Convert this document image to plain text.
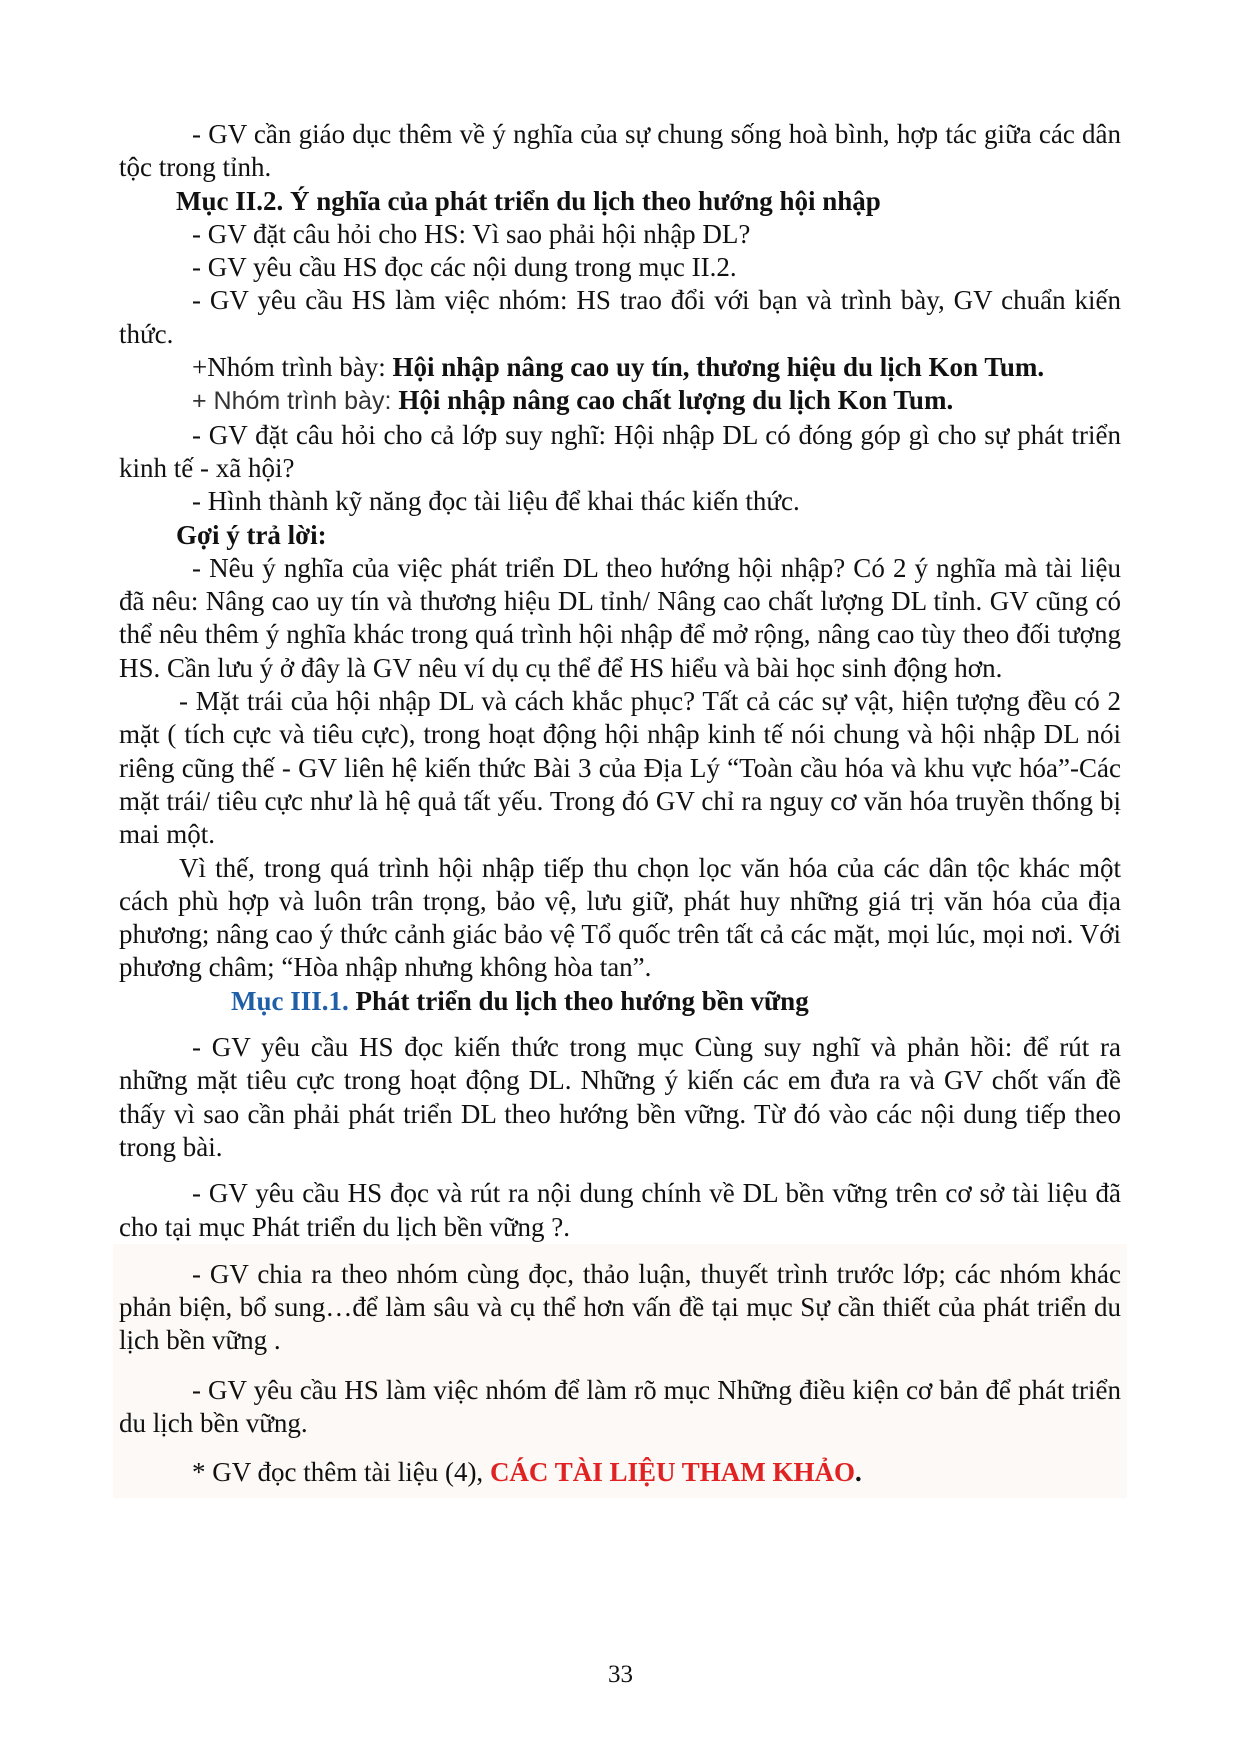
- GV cần giáo dục thêm về ý nghĩa của sự chung sống hoà bình, hợp tác giữa các dân tộc trong tỉnh.

Mục II.2. Ý nghĩa của phát triển du lịch theo hướng hội nhập

- GV đặt câu hỏi cho HS: Vì sao phải hội nhập DL?

- GV yêu cầu HS đọc các nội dung trong mục II.2.

- GV yêu cầu HS làm việc nhóm: HS trao đổi với bạn và trình bày, GV chuẩn kiến thức.

+Nhóm trình bày: Hội nhập nâng cao uy tín, thương hiệu du lịch Kon Tum.

+ Nhóm trình bày: Hội nhập nâng cao chất lượng du lịch Kon Tum.

- GV đặt câu hỏi cho cả lớp suy nghĩ: Hội nhập DL có đóng góp gì cho sự phát triển kinh tế - xã hội?

- Hình thành kỹ năng đọc tài liệu để khai thác kiến thức.

Gợi ý trả lời:

- Nêu ý nghĩa của việc phát triển DL theo hướng hội nhập? Có 2 ý nghĩa mà tài liệu đã nêu: Nâng cao uy tín và thương hiệu DL tỉnh/ Nâng cao chất lượng DL tỉnh. GV cũng có thể nêu thêm ý nghĩa khác trong quá trình hội nhập để mở rộng, nâng cao tùy theo đối tượng HS. Cần lưu ý ở đây là GV nêu ví dụ cụ thể để HS hiểu và bài học sinh động hơn.

- Mặt trái của hội nhập DL và cách khắc phục? Tất cả các sự vật, hiện tượng đều có 2 mặt ( tích cực và tiêu cực), trong hoạt động hội nhập kinh tế nói chung và hội nhập DL nói riêng cũng thế - GV liên hệ kiến thức Bài 3 của Địa Lý “Toàn cầu hóa và khu vực hóa”-Các mặt trái/ tiêu cực như là hệ quả tất yếu. Trong đó GV chỉ ra nguy cơ văn hóa truyền thống bị mai một.

Vì thế, trong quá trình hội nhập tiếp thu chọn lọc văn hóa của các dân tộc khác một cách phù hợp và luôn trân trọng, bảo vệ, lưu giữ, phát huy những giá trị văn hóa của địa phương; nâng cao ý thức cảnh giác bảo vệ Tổ quốc trên tất cả các mặt, mọi lúc, mọi nơi. Với phương châm; “Hòa nhập nhưng không hòa tan”.

Mục III.1. Phát triển du lịch theo hướng bền vững

- GV yêu cầu HS đọc kiến thức trong mục Cùng suy nghĩ và phản hồi: để rút ra những mặt tiêu cực trong hoạt động DL. Những ý kiến các em đưa ra và GV chốt vấn đề thấy vì sao cần phải phát triển DL theo hướng bền vững. Từ đó vào các nội dung tiếp theo trong bài.

- GV yêu cầu HS đọc và rút ra nội dung chính về DL bền vững trên cơ sở tài liệu đã cho tại mục Phát triển du lịch bền vững ?.

- GV chia ra theo nhóm cùng đọc, thảo luận, thuyết trình trước lớp; các nhóm khác phản biện, bổ sung…để làm sâu và cụ thể hơn vấn đề tại mục Sự cần thiết của phát triển du lịch bền vững .

- GV yêu cầu HS làm việc nhóm để làm rõ mục Những điều kiện cơ bản để phát triển du lịch bền vững.

* GV đọc thêm tài liệu (4), CÁC TÀI LIỆU THAM KHẢO.

33
